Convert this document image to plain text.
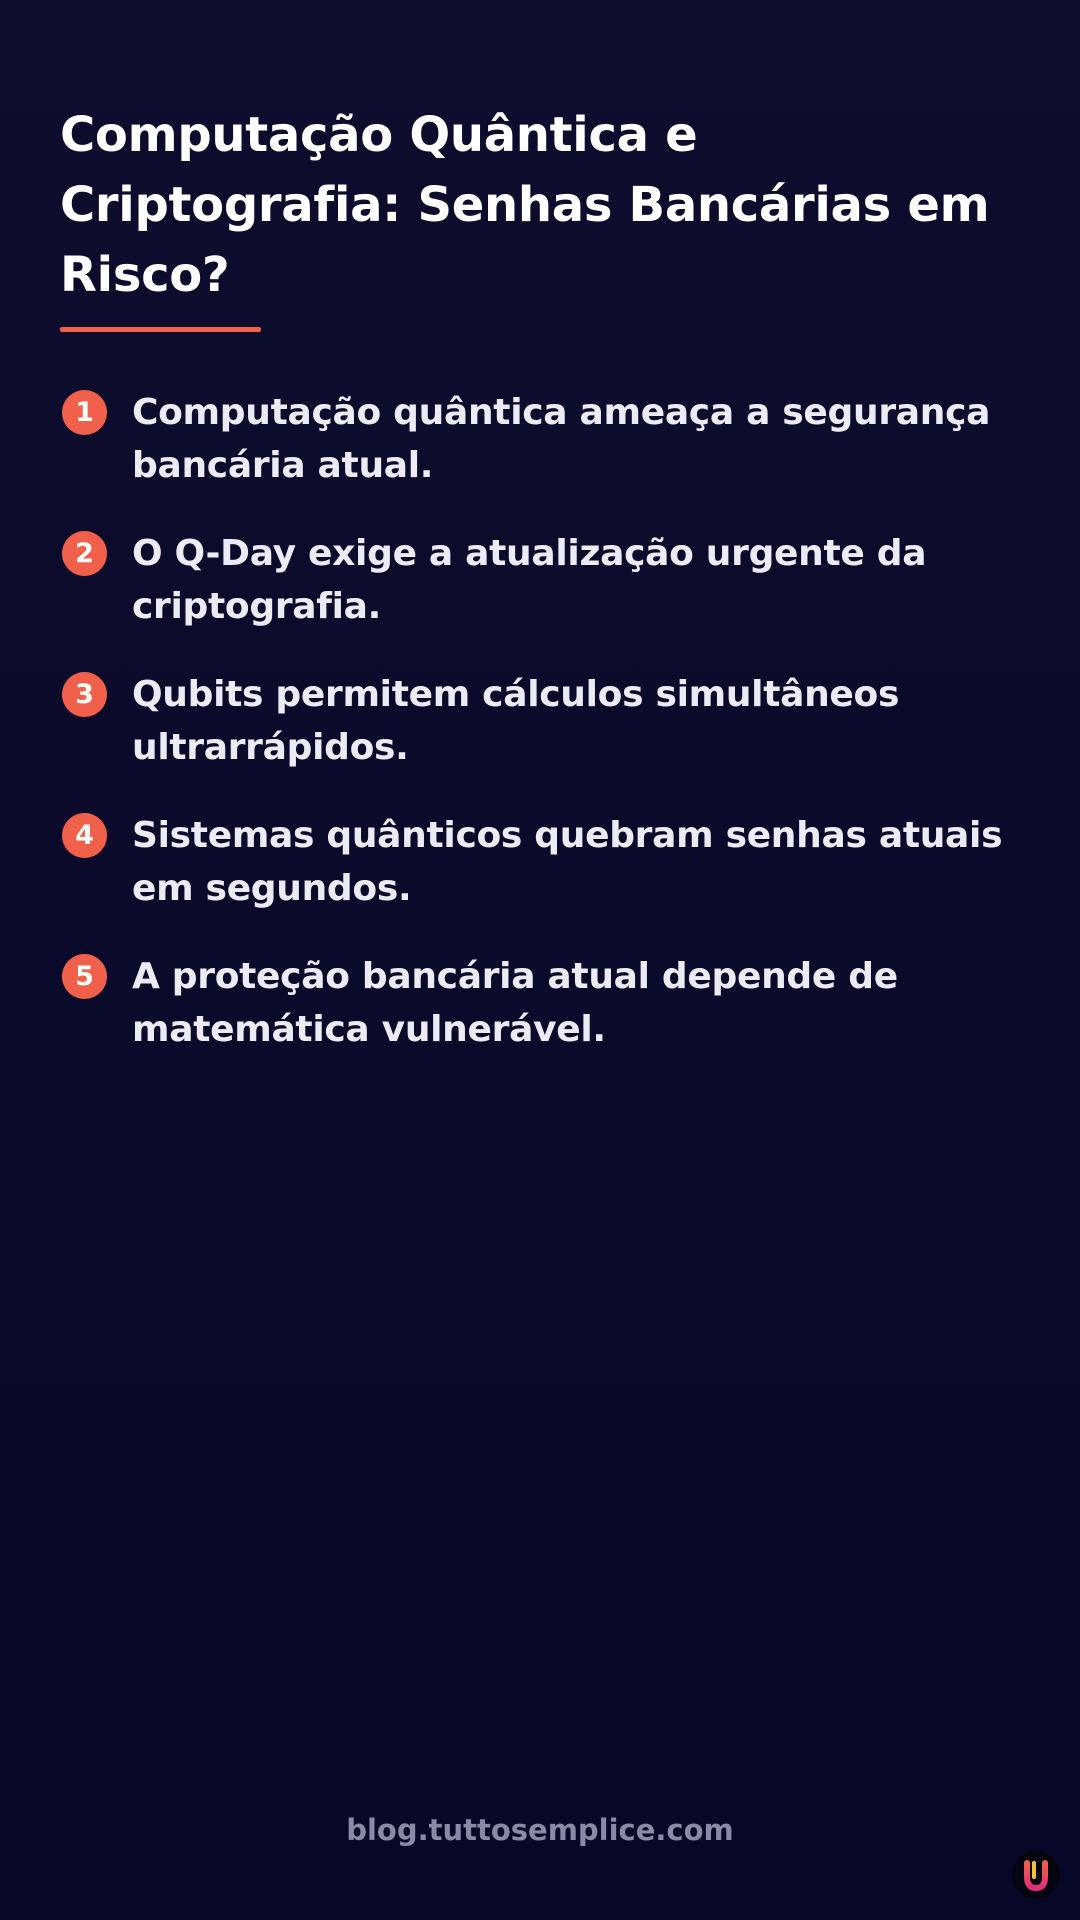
Computação Quântica e Criptografia: Senhas Bancárias em Risco?
1	Computação quântica ameaça a segurança bancária atual.
2	O Q-Day exige a atualização urgente da criptografia.
3	Qubits permitem cálculos simultâneos ultrarrápidos.
4	Sistemas quânticos quebram senhas atuais em segundos.
5	A proteção bancária atual depende de matemática vulnerável.
blog.tuttosemplice.com
